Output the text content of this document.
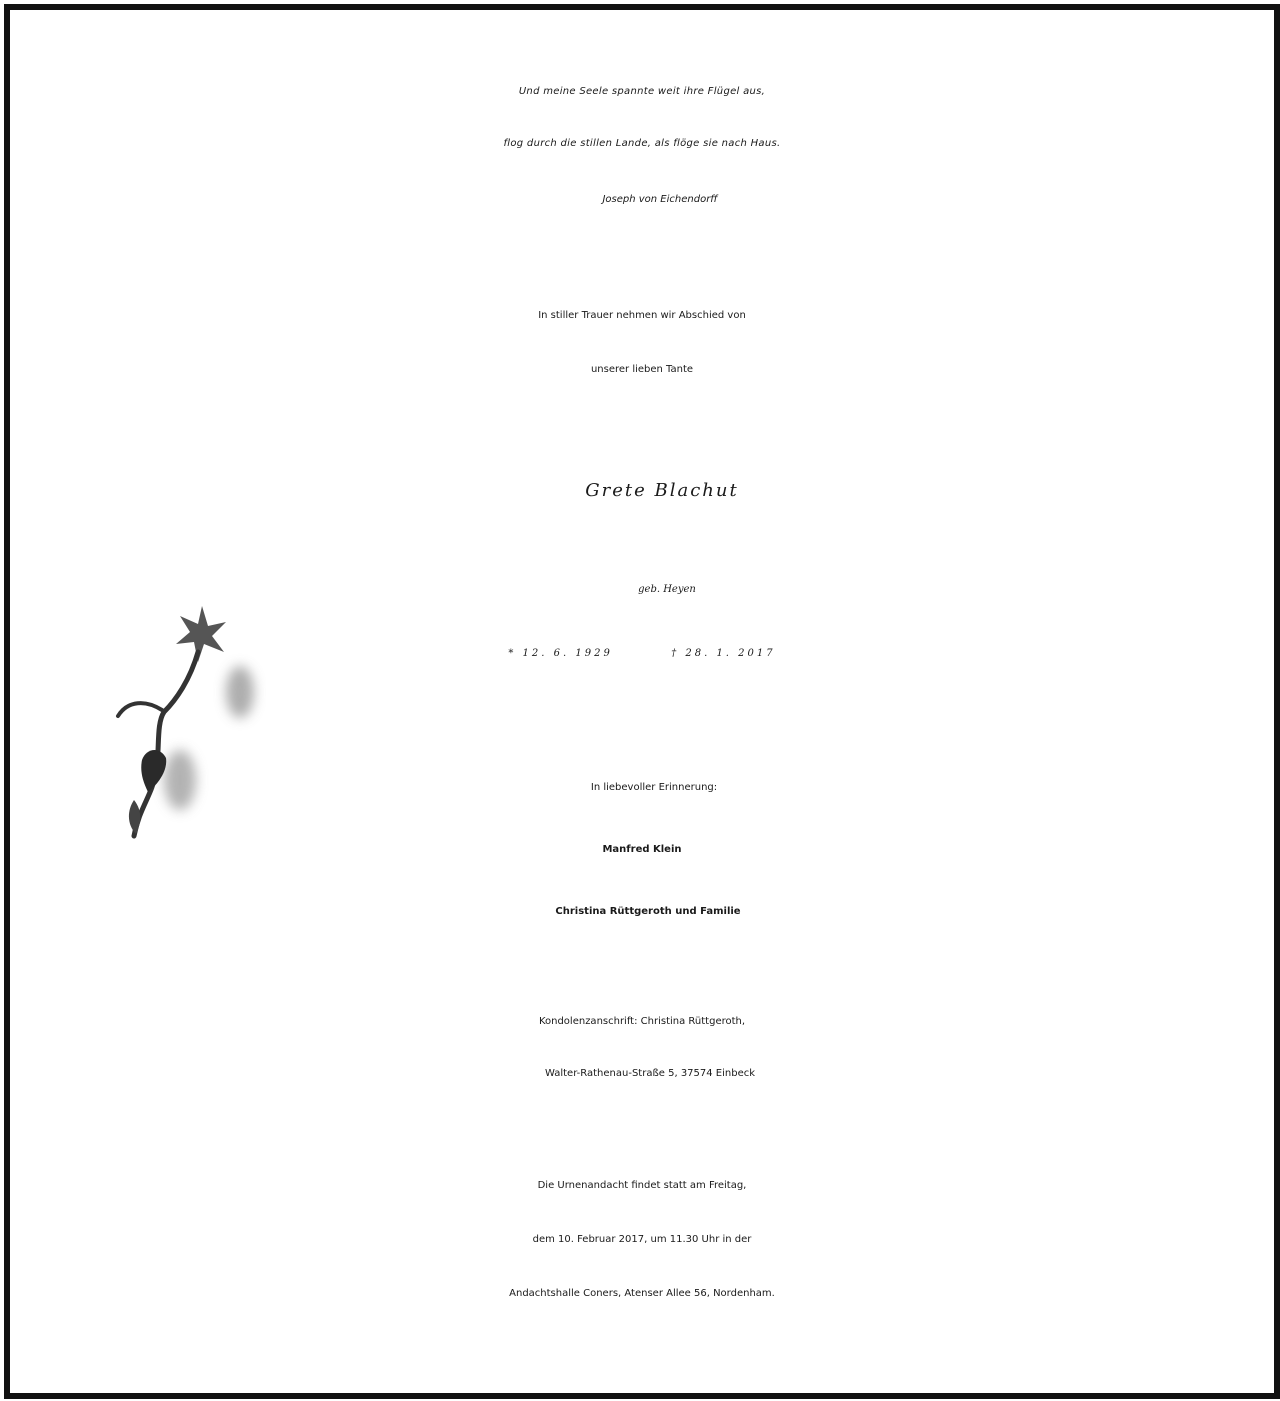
Und meine Seele spannte weit ihre Flügel aus,
flog durch die stillen Lande, als flöge sie nach Haus.
Joseph von Eichendorff
In stiller Trauer nehmen wir Abschied von
unserer lieben Tante
Grete Blachut
geb. Heyen
* 12. 6. 1929	† 28. 1. 2017
In liebevoller Erinnerung:
Manfred Klein
Christina Rüttgeroth und Familie
Kondolenzanschrift: Christina Rüttgeroth,
Walter-Rathenau-Straße 5, 37574 Einbeck
Die Urnenandacht findet statt am Freitag,
dem 10. Februar 2017, um 11.30 Uhr in der
Andachtshalle Coners, Atenser Allee 56, Nordenham.
